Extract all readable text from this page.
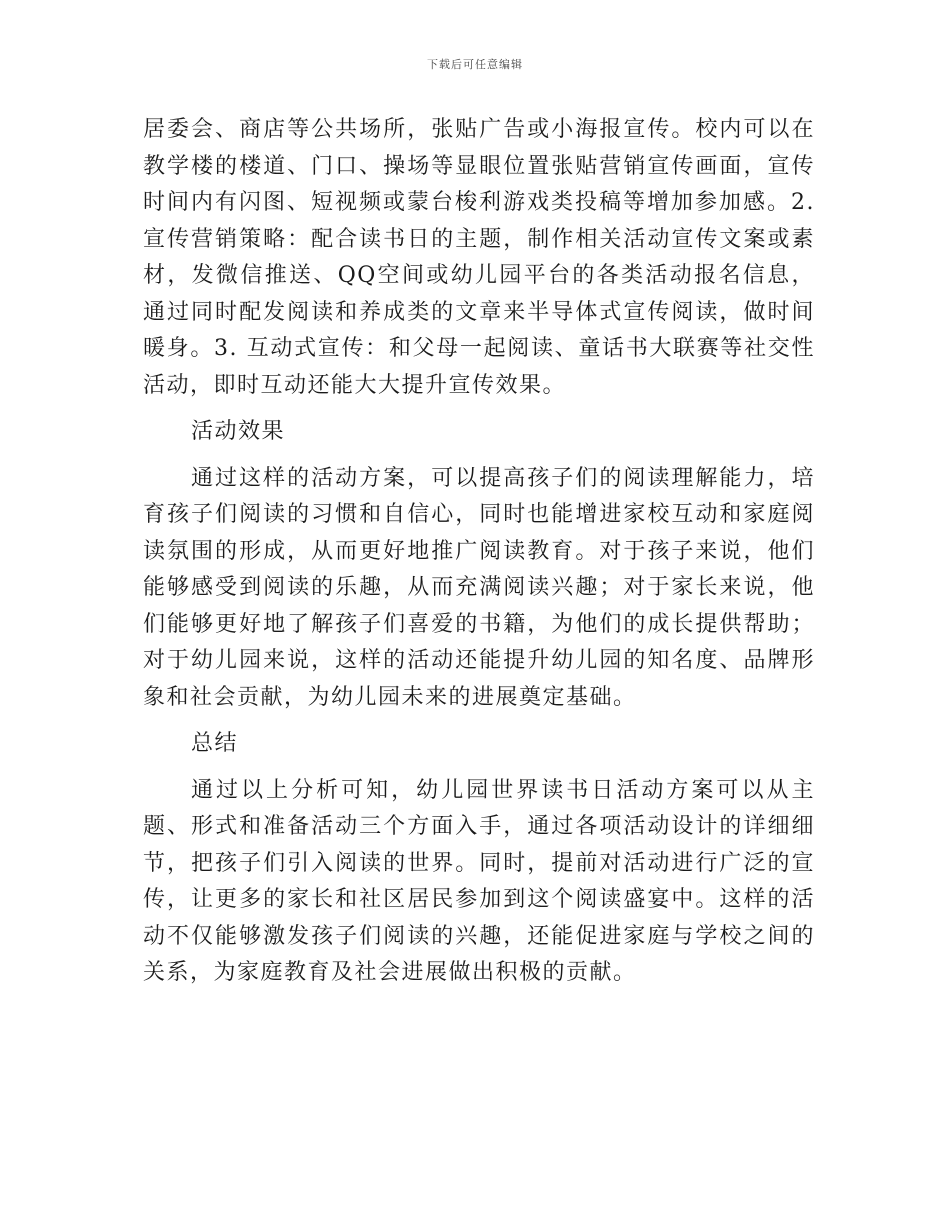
下载后可任意编辑

居委会、商店等公共场所，张贴广告或小海报宣传。校内可以在教学楼的楼道、门口、操场等显眼位置张贴营销宣传画面，宣传时间内有闪图、短视频或蒙台梭利游戏类投稿等增加参加感。2. 宣传营销策略：配合读书日的主题，制作相关活动宣传文案或素材，发微信推送、QQ空间或幼儿园平台的各类活动报名信息，通过同时配发阅读和养成类的文章来半导体式宣传阅读，做时间暖身。3. 互动式宣传：和父母一起阅读、童话书大联赛等社交性活动，即时互动还能大大提升宣传效果。

活动效果

通过这样的活动方案，可以提高孩子们的阅读理解能力，培育孩子们阅读的习惯和自信心，同时也能增进家校互动和家庭阅读氛围的形成，从而更好地推广阅读教育。对于孩子来说，他们能够感受到阅读的乐趣，从而充满阅读兴趣；对于家长来说，他们能够更好地了解孩子们喜爱的书籍，为他们的成长提供帮助；对于幼儿园来说，这样的活动还能提升幼儿园的知名度、品牌形象和社会贡献，为幼儿园未来的进展奠定基础。

总结

通过以上分析可知，幼儿园世界读书日活动方案可以从主题、形式和准备活动三个方面入手，通过各项活动设计的详细细节，把孩子们引入阅读的世界。同时，提前对活动进行广泛的宣传，让更多的家长和社区居民参加到这个阅读盛宴中。这样的活动不仅能够激发孩子们阅读的兴趣，还能促进家庭与学校之间的关系，为家庭教育及社会进展做出积极的贡献。
